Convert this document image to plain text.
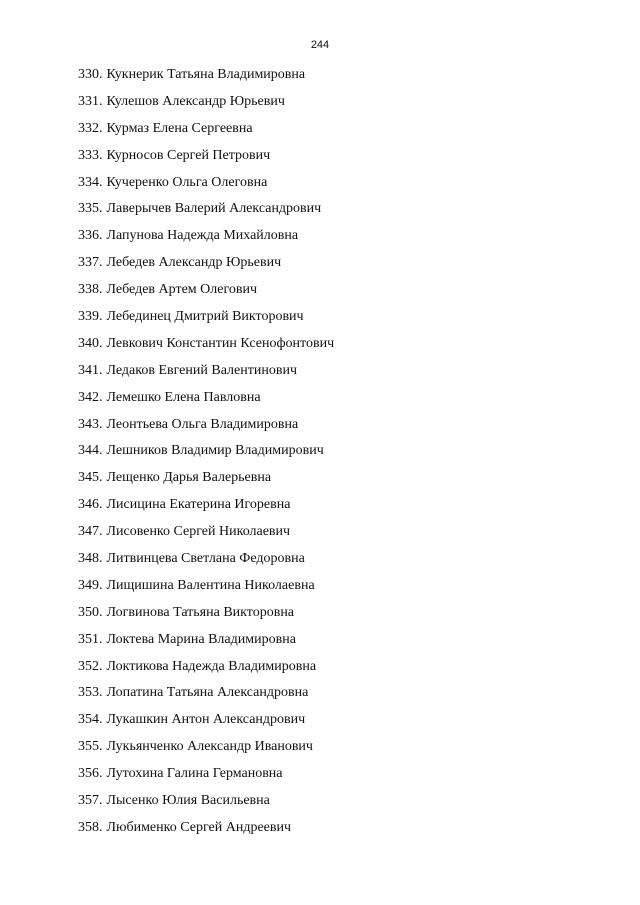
244
330. Кукнерик Татьяна Владимировна
331. Кулешов Александр Юрьевич
332. Курмаз Елена Сергеевна
333. Курносов Сергей Петрович
334. Кучеренко Ольга Олеговна
335. Лаверычев Валерий Александрович
336. Лапунова Надежда Михайловна
337. Лебедев Александр Юрьевич
338. Лебедев Артем Олегович
339. Лебединец Дмитрий Викторович
340. Левкович Константин Ксенофонтович
341. Ледаков Евгений Валентинович
342. Лемешко Елена Павловна
343. Леонтьева Ольга Владимировна
344. Лешников Владимир Владимирович
345. Лещенко Дарья Валерьевна
346. Лисицина Екатерина Игоревна
347. Лисовенко Сергей Николаевич
348. Литвинцева Светлана Федоровна
349. Лищишина Валентина Николаевна
350. Логвинова Татьяна Викторовна
351. Локтева Марина Владимировна
352. Локтикова Надежда Владимировна
353. Лопатина Татьяна Александровна
354. Лукашкин Антон Александрович
355. Лукьянченко Александр Иванович
356. Лутохина Галина Германовна
357. Лысенко Юлия Васильевна
358. Любименко Сергей Андреевич
